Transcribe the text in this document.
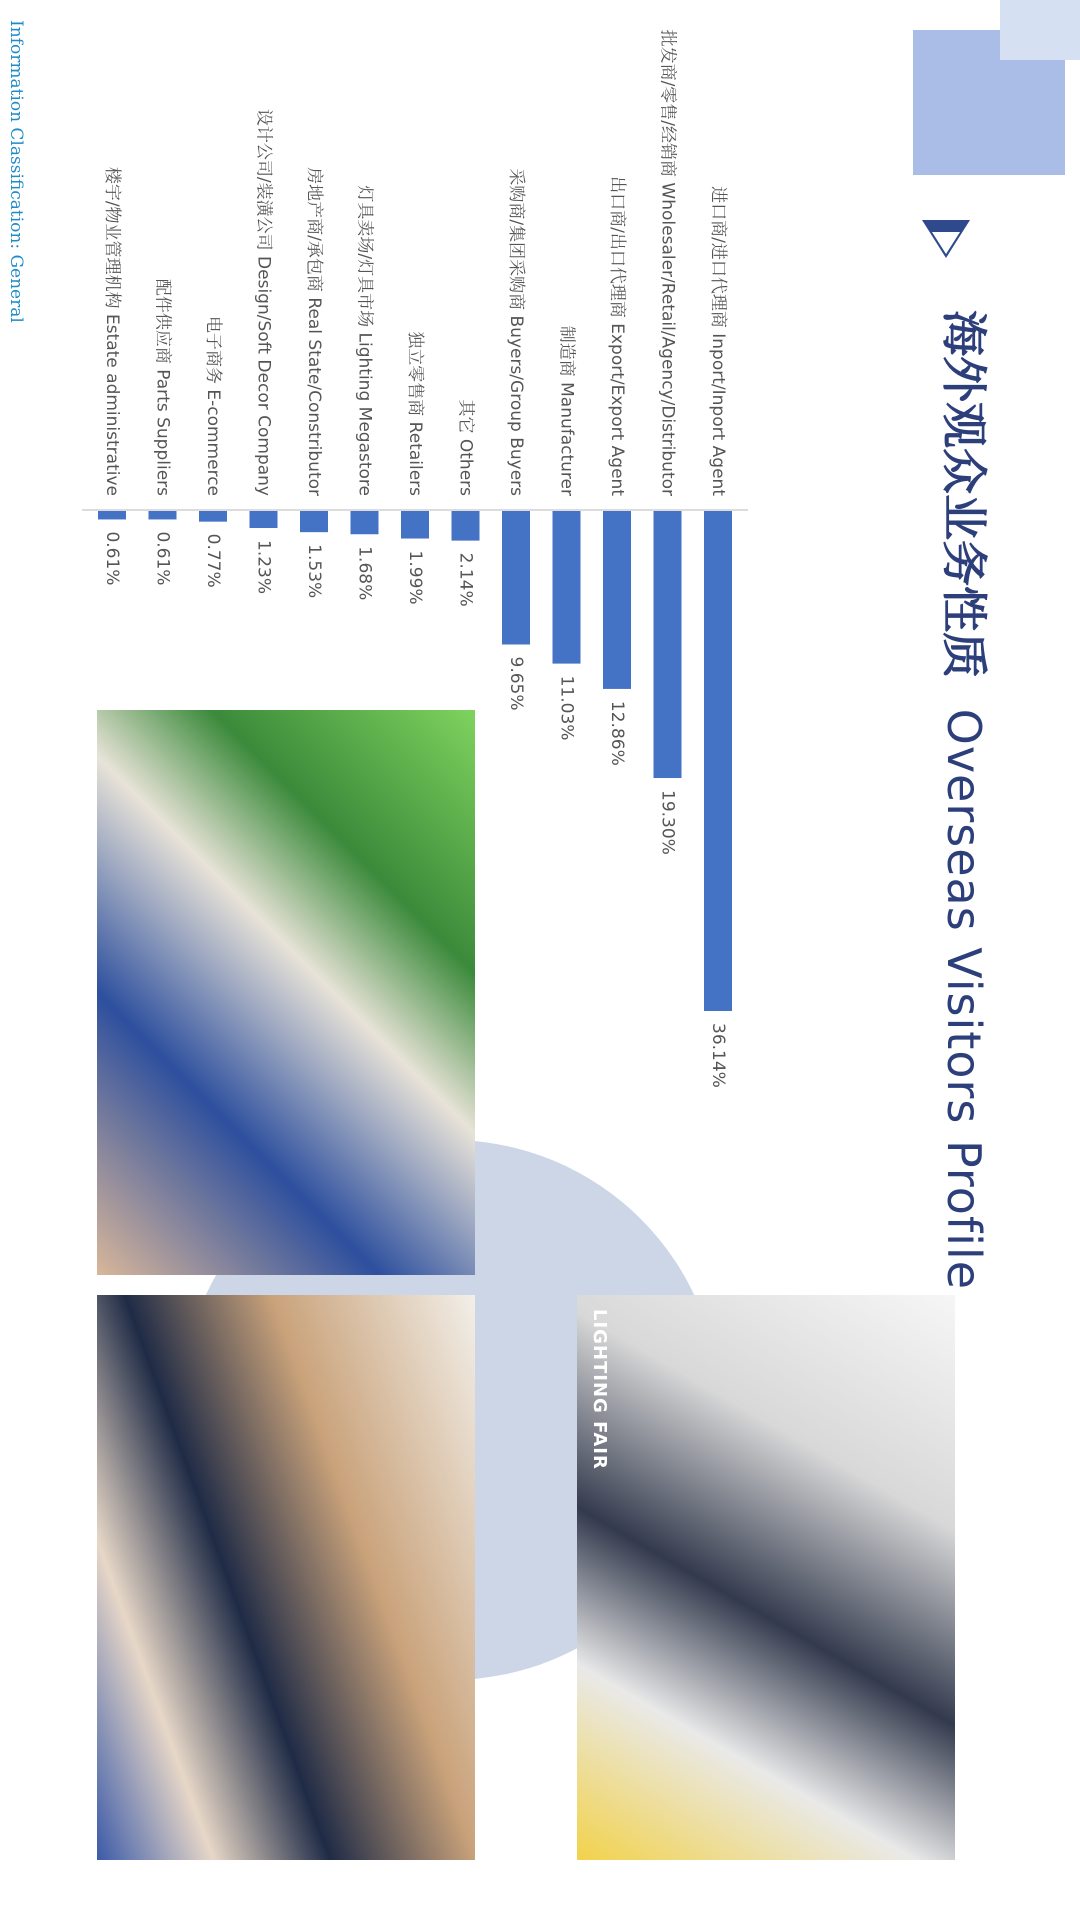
海外观众业务性质 Overseas Visitors Profile
进口商/进口代理商 Inport/Inport Agent
36.14%
批发商/零售/经销商 Wholesaler/Retail/Agency/Distributor
19.30%
出口商/出口代理商 Export/Export Agent
12.86%
制造商 Manufacturer
11.03%
采购商/集团采购商 Buyers/Group Buyers
9.65%
其它 Others
2.14%
独立零售商 Retailers
1.99%
灯具卖场/灯具市场 Lighting Megastore
1.68%
房地产商/承包商 Real State/Constributor
1.53%
设计公司/装潢公司 Design/Soft Decor Company
1.23%
电子商务 E-commerce
0.77%
配件供应商 Parts Suppliers
0.61%
楼宇/物业管理机构 Estate administrative
0.61%
LIGHTING FAIR
Information Classification: General
